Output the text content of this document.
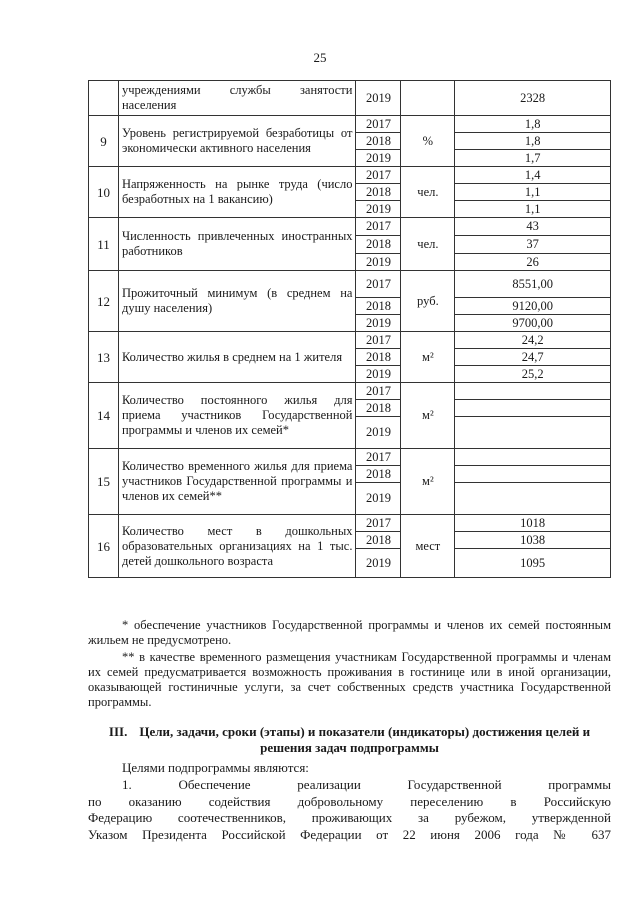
25
	учреждениями службы занятости населения	2019		2328
9	Уровень регистрируемой безработицы от экономически активного населения	2017	%	1,8
		2018		1,8
		2019		1,7
10	Напряженность на рынке труда (число безработных на 1 вакансию)	2017	чел.	1,4
		2018		1,1
		2019		1,1
11	Численность привлеченных иностранных работников	2017	чел.	43
		2018		37
		2019		26
12	Прожиточный минимум (в среднем на душу населения)	2017	руб.	8551,00
		2018		9120,00
		2019		9700,00
13	Количество жилья в среднем на 1 жителя	2017	м²	24,2
		2018		24,7
		2019		25,2
14	Количество постоянного жилья для приема участников Государственной программы и членов их семей*	2017	м²	
		2018		
		2019		
15	Количество временного жилья для приема участников Государственной программы и членов их семей**	2017	м²	
		2018		
		2019		
16	Количество мест в дошкольных образовательных организациях на 1 тыс. детей дошкольного возраста	2017	мест	1018
		2018		1038
		2019		1095
* обеспечение участников Государственной программы и членов их семей постоянным жильем не предусмотрено.
** в качестве временного размещения участникам Государственной программы и членам их семей предусматривается возможность проживания в гостинице или в иной организации, оказывающей гостиничные услуги, за счет собственных средств участника Государственной программы.
III. Цели, задачи, сроки (этапы) и показатели (индикаторы) достижения целей и решения задач подпрограммы
Целями подпрограммы являются:
1. Обеспечение реализации Государственной программы
по оказанию содействия добровольному переселению в Российскую
Федерацию соотечественников, проживающих за рубежом, утвержденной
Указом Президента Российской Федерации от 22 июня 2006 года № 637
